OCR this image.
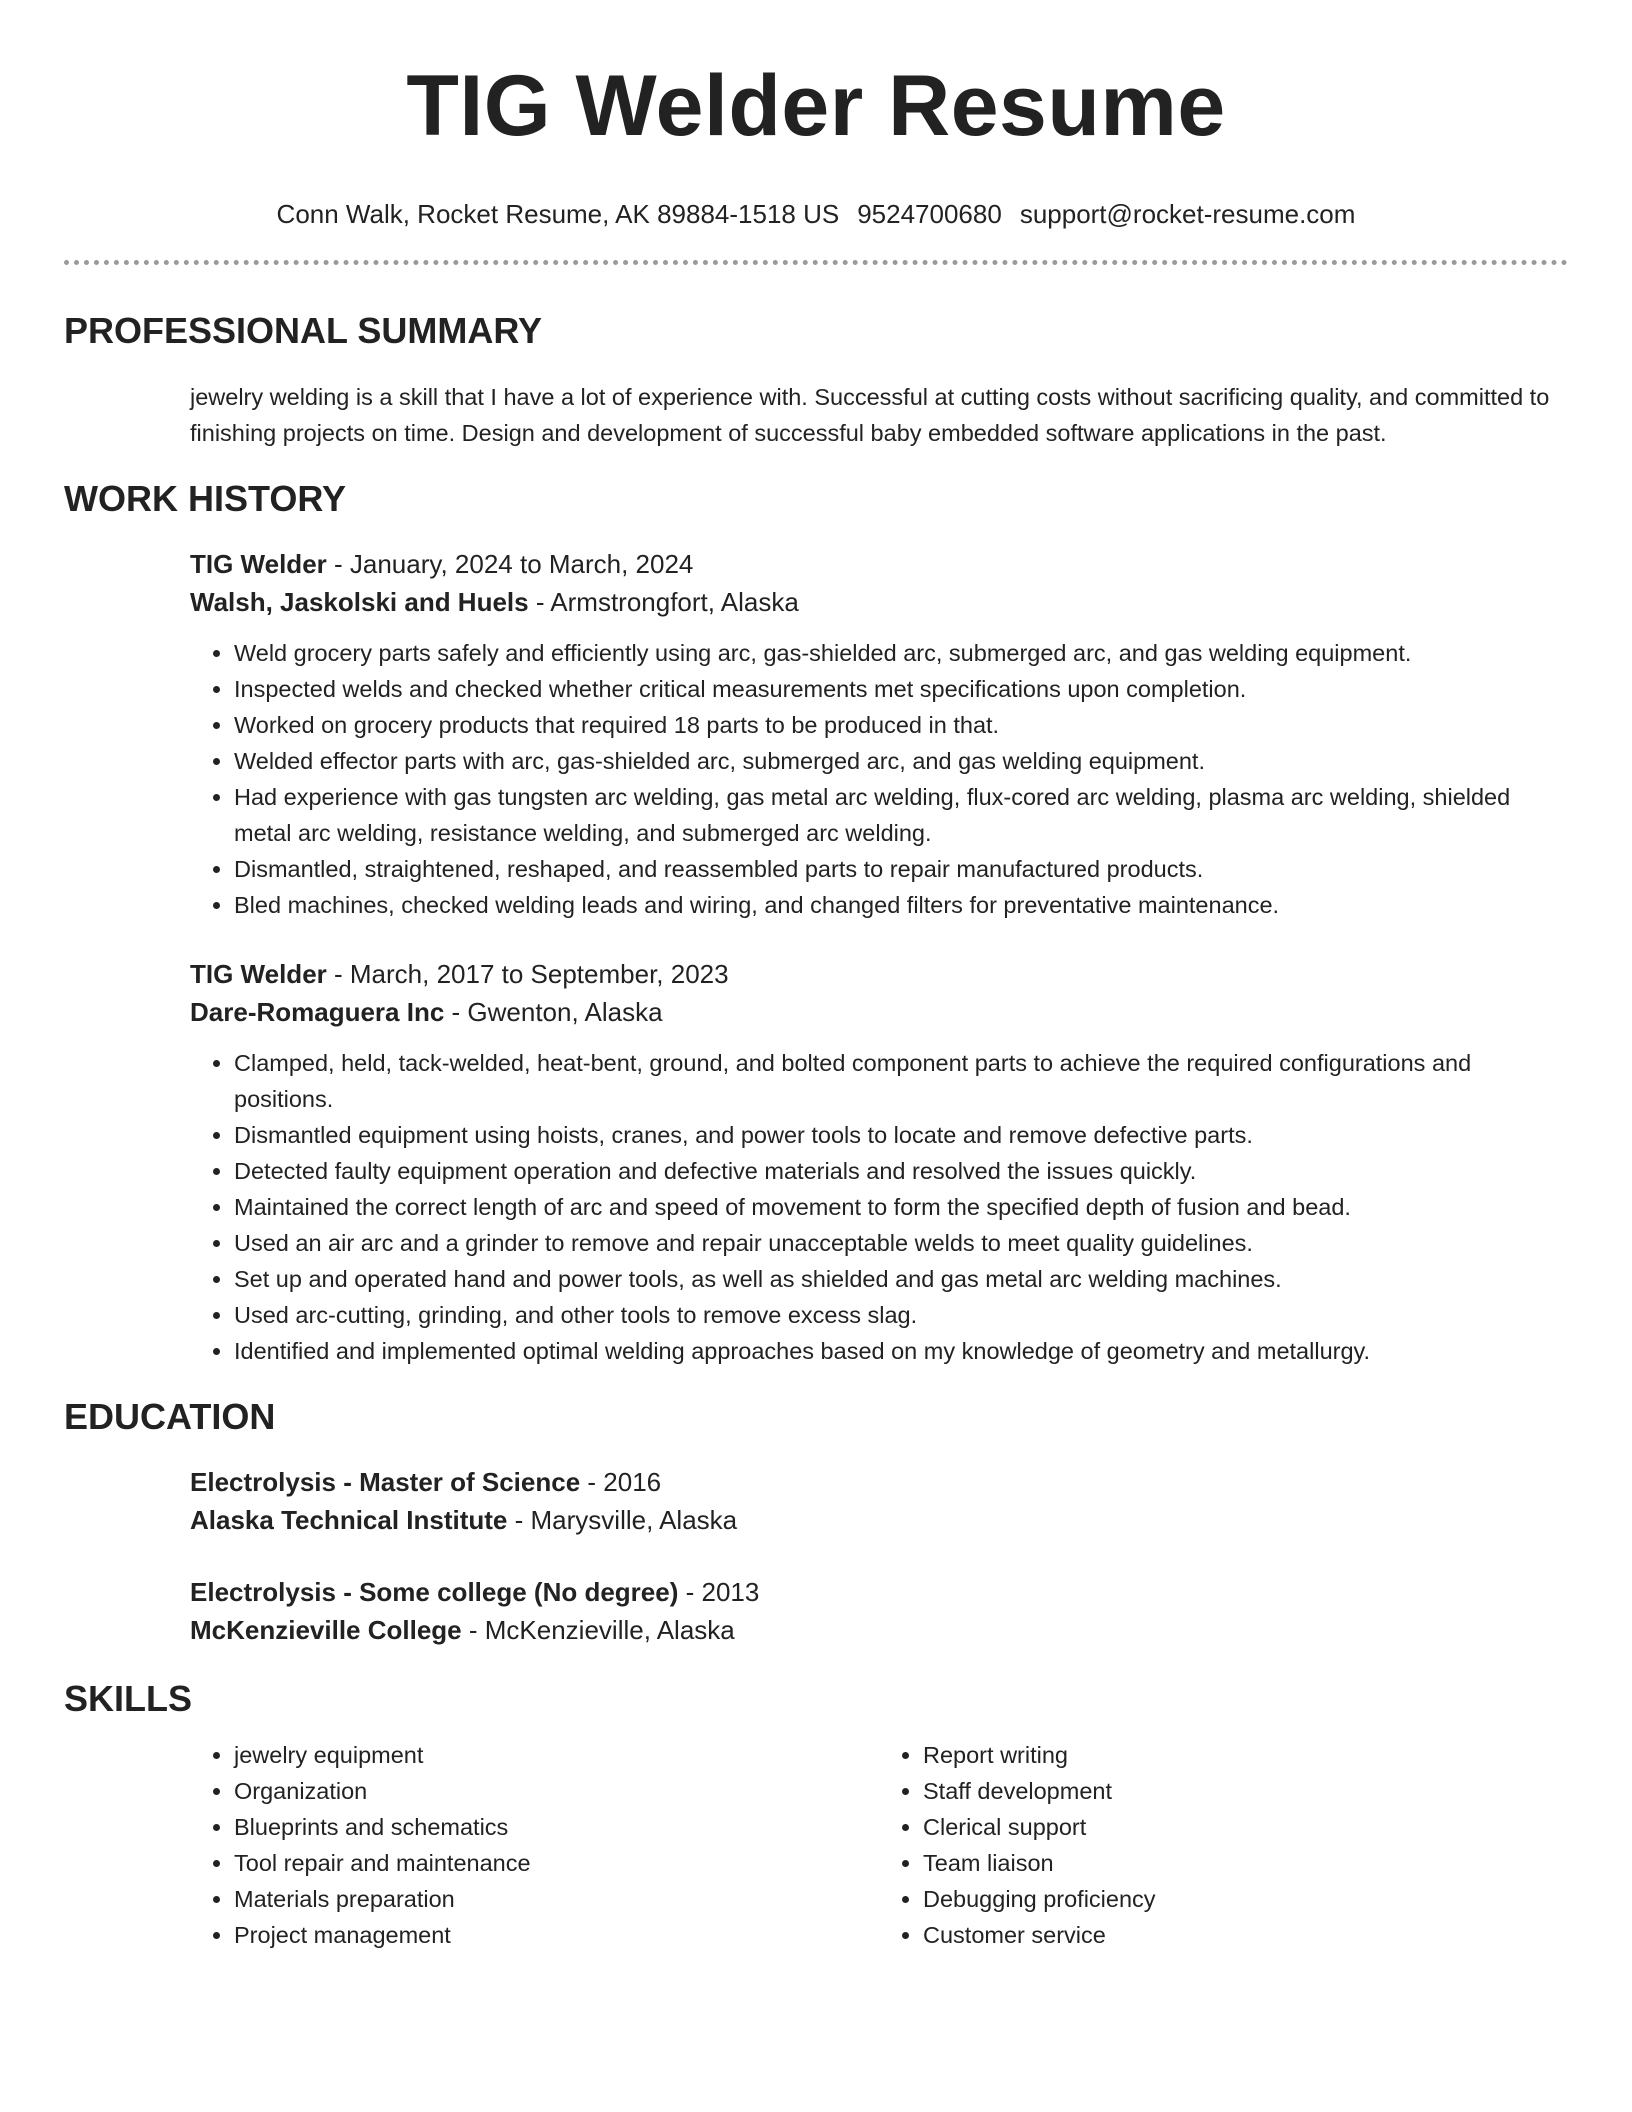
TIG Welder Resume
Conn Walk, Rocket Resume, AK 89884-1518 US 9524700680 support@rocket-resume.com
PROFESSIONAL SUMMARY

jewelry welding is a skill that I have a lot of experience with. Successful at cutting costs without sacrificing quality, and committed to finishing projects on time. Design and development of successful baby embedded software applications in the past.

WORK HISTORY
TIG Welder - January, 2024 to March, 2024
Walsh, Jaskolski and Huels - Armstrongfort, Alaska
• Weld grocery parts safely and efficiently using arc, gas-shielded arc, submerged arc, and gas welding equipment.
• Inspected welds and checked whether critical measurements met specifications upon completion.
• Worked on grocery products that required 18 parts to be produced in that.
• Welded effector parts with arc, gas-shielded arc, submerged arc, and gas welding equipment.
• Had experience with gas tungsten arc welding, gas metal arc welding, flux-cored arc welding, plasma arc welding, shielded metal arc welding, resistance welding, and submerged arc welding.
• Dismantled, straightened, reshaped, and reassembled parts to repair manufactured products.
• Bled machines, checked welding leads and wiring, and changed filters for preventative maintenance.
TIG Welder - March, 2017 to September, 2023
Dare-Romaguera Inc - Gwenton, Alaska
• Clamped, held, tack-welded, heat-bent, ground, and bolted component parts to achieve the required configurations and positions.
• Dismantled equipment using hoists, cranes, and power tools to locate and remove defective parts.
• Detected faulty equipment operation and defective materials and resolved the issues quickly.
• Maintained the correct length of arc and speed of movement to form the specified depth of fusion and bead.
• Used an air arc and a grinder to remove and repair unacceptable welds to meet quality guidelines.
• Set up and operated hand and power tools, as well as shielded and gas metal arc welding machines.
• Used arc-cutting, grinding, and other tools to remove excess slag.
• Identified and implemented optimal welding approaches based on my knowledge of geometry and metallurgy.
EDUCATION
Electrolysis - Master of Science - 2016
Alaska Technical Institute - Marysville, Alaska
Electrolysis - Some college (No degree) - 2013
McKenzieville College - McKenzieville, Alaska
SKILLS
• jewelry equipment
• Organization
• Blueprints and schematics
• Tool repair and maintenance
• Materials preparation
• Project management
• Report writing
• Staff development
• Clerical support
• Team liaison
• Debugging proficiency
• Customer service
